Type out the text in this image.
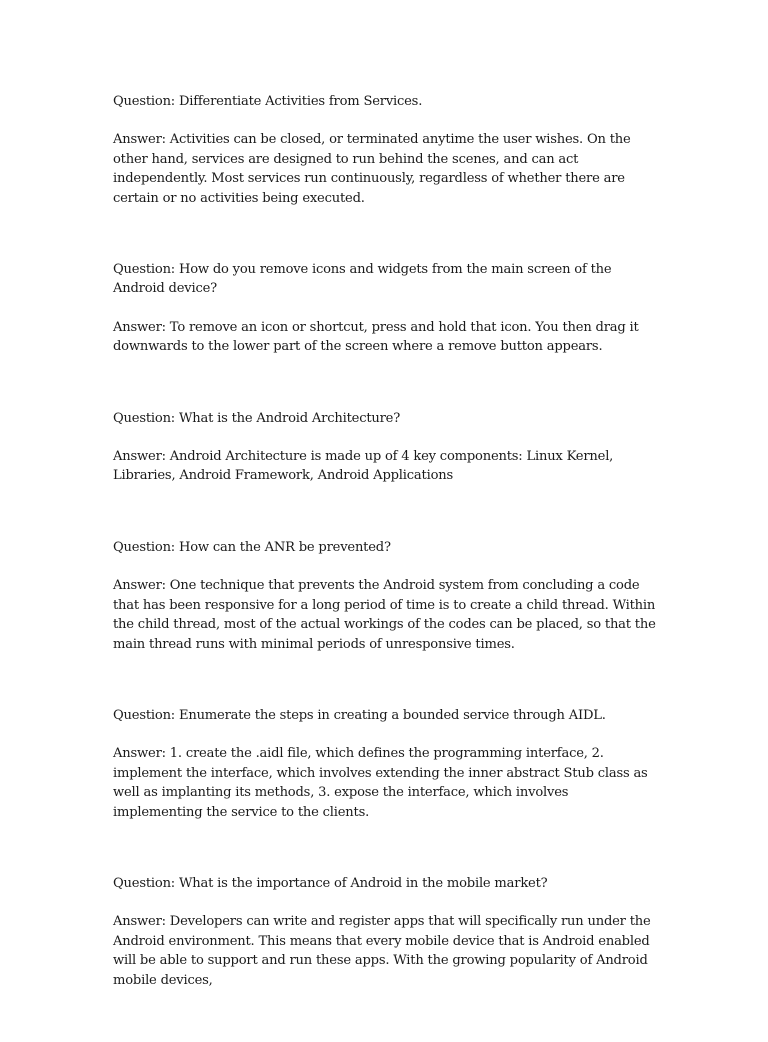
Question: Differentiate Activities from Services.

Answer: Activities can be closed, or terminated anytime the user wishes. On the other hand, services are designed to run behind the scenes, and can act independently. Most services run continuously, regardless of whether there are certain or no activities being executed.

Question: How do you remove icons and widgets from the main screen of the Android device?

Answer: To remove an icon or shortcut, press and hold that icon. You then drag it downwards to the lower part of the screen where a remove button appears.

Question: What is the Android Architecture?

Answer: Android Architecture is made up of 4 key components: Linux Kernel, Libraries, Android Framework, Android Applications

Question: How can the ANR be prevented?

Answer: One technique that prevents the Android system from concluding a code that has been responsive for a long period of time is to create a child thread. Within the child thread, most of the actual workings of the codes can be placed, so that the main thread runs with minimal periods of unresponsive times.

Question: Enumerate the steps in creating a bounded service through AIDL.

Answer: 1. create the .aidl file, which defines the programming interface, 2. implement the interface, which involves extending the inner abstract Stub class as well as implanting its methods, 3. expose the interface, which involves implementing the service to the clients.

Question: What is the importance of Android in the mobile market?

Answer: Developers can write and register apps that will specifically run under the Android environment. This means that every mobile device that is Android enabled will be able to support and run these apps. With the growing popularity of Android mobile devices,
